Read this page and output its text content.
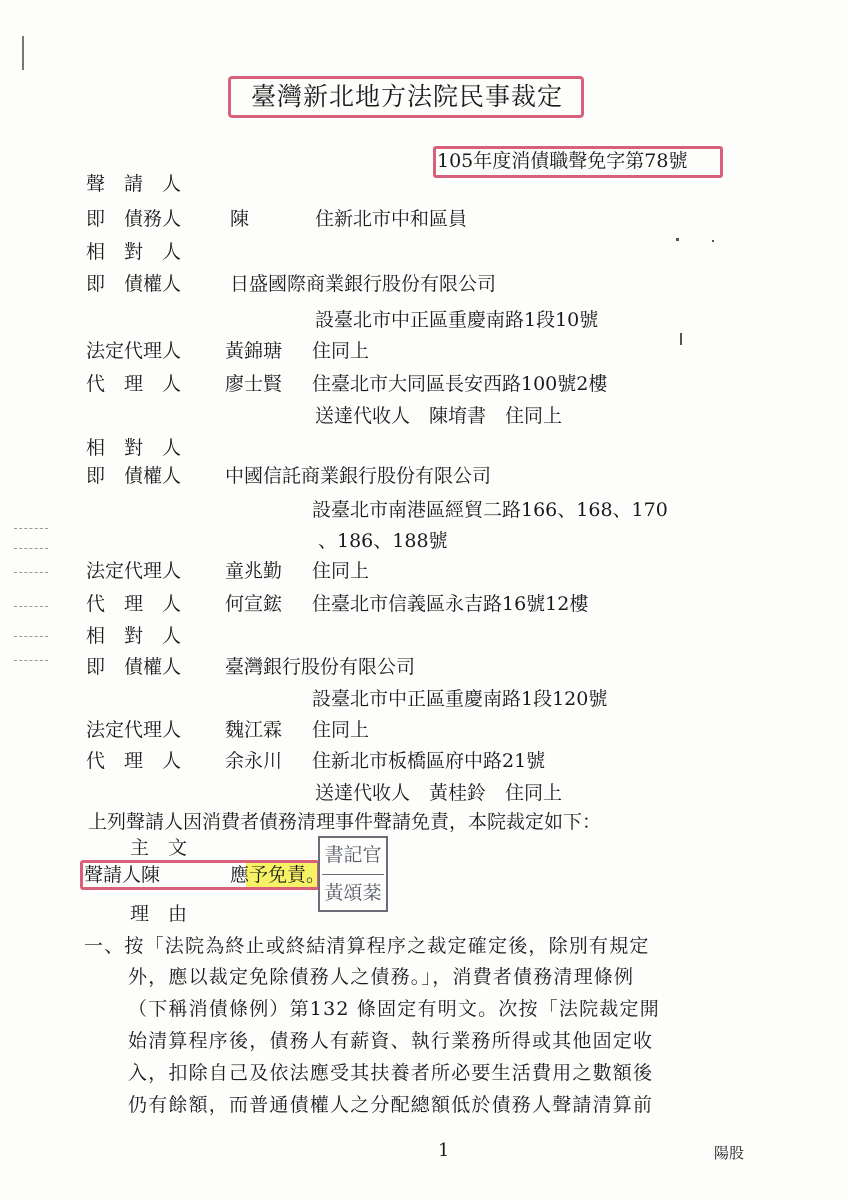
臺灣新北地方法院民事裁定
105年度消債職聲免字第78號
聲　請　人
即　債務人	陳	住新北市中和區員
相　對　人
即　債權人	日盛國際商業銀行股份有限公司
設臺北市中正區重慶南路1段10號
法定代理人 黃錦瑭 住同上
代　理　人 廖士賢 住臺北市大同區長安西路100號2樓
送達代收人　陳堉書　住同上
相　對　人
即　債權人 中國信託商業銀行股份有限公司
設臺北市南港區經貿二路166、168、170
、186、188號
法定代理人 童兆勤 住同上
代　理　人 何宣鋐 住臺北市信義區永吉路16號12樓
相　對　人
即　債權人 臺灣銀行股份有限公司
設臺北市中正區重慶南路1段120號
法定代理人 魏江霖 住同上
代　理　人 余永川 住新北市板橋區府中路21號
送達代收人　黃桂鈴　住同上
上列聲請人因消費者債務清理事件聲請免責，本院裁定如下：
主　文
聲請人陳	應予免責。
書記官
黃頌棻
理　由
一、按「法院為終止或終結清算程序之裁定確定後，除別有規定
外，應以裁定免除債務人之債務。」，消費者債務清理條例
（下稱消債條例）第132 條固定有明文。次按「法院裁定開
始清算程序後，債務人有薪資、執行業務所得或其他固定收
入，扣除自己及依法應受其扶養者所必要生活費用之數額後
仍有餘額，而普通債權人之分配總額低於債務人聲請清算前
1	陽股
